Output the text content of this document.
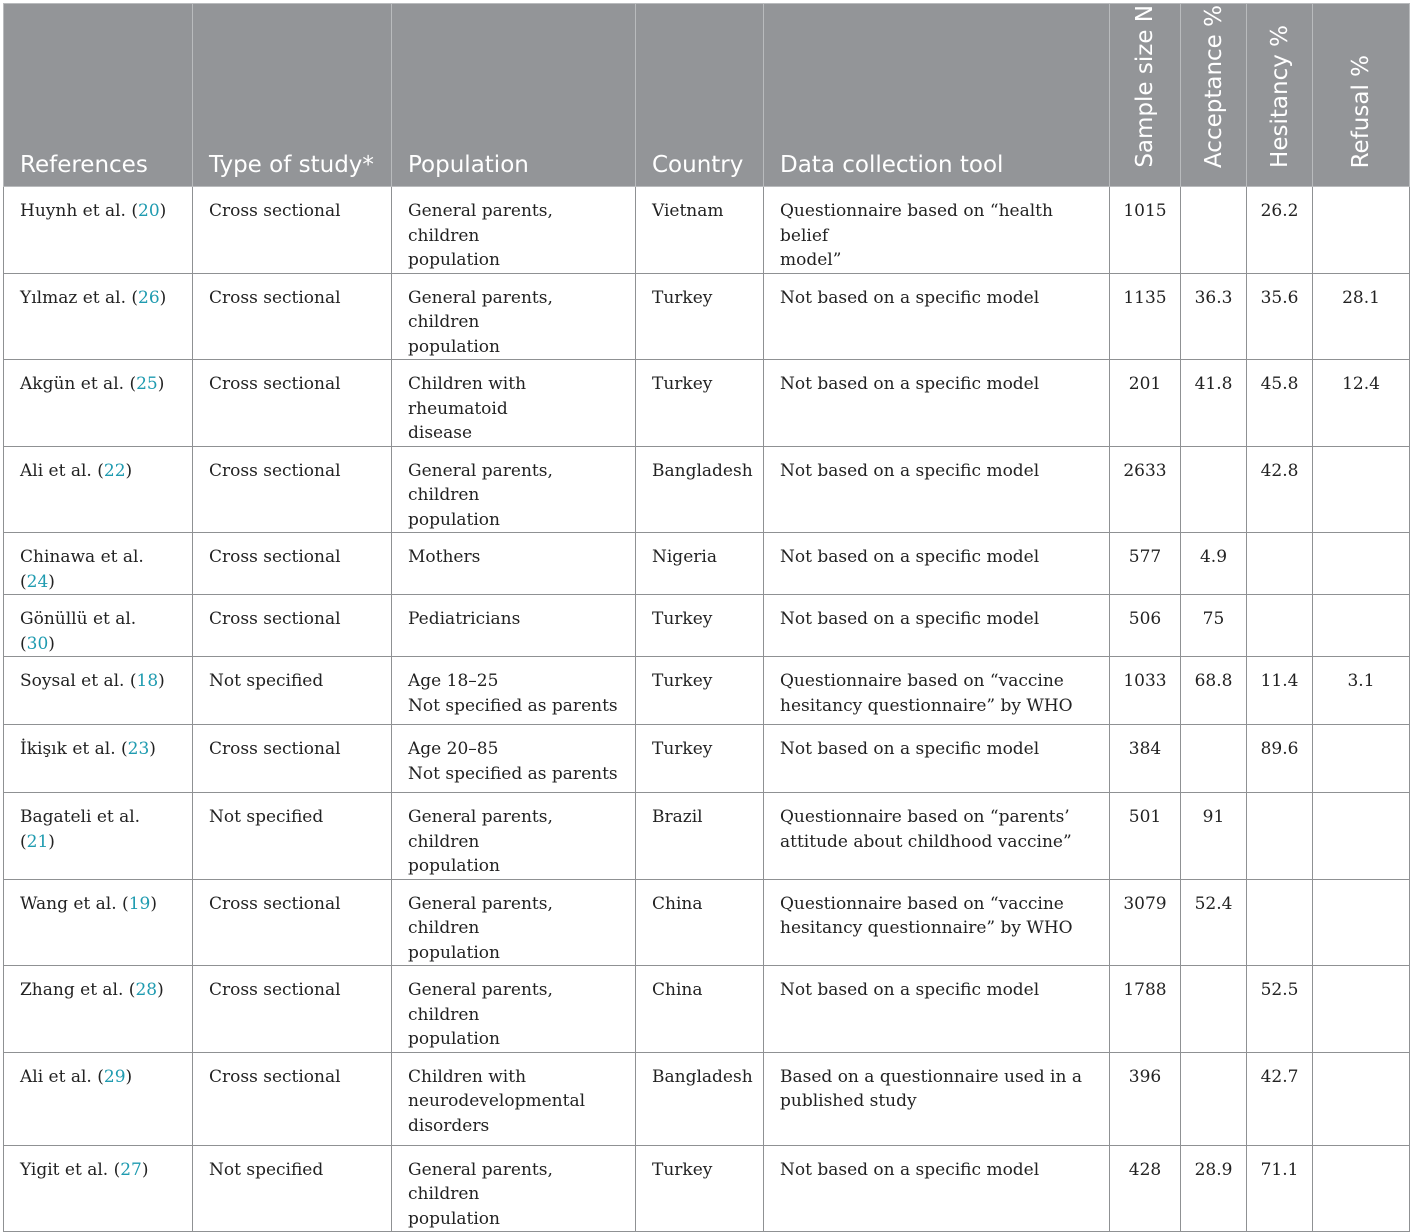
References	Type of study*	Population	Country	Data collection tool	Sample size N	Acceptance %	Hesitancy %	Refusal %
Huynh et al. (20)	Cross sectional	General parents, children
population	Vietnam	Questionnaire based on “health belief
model”	1015		26.2	
Yılmaz et al. (26)	Cross sectional	General parents, children
population	Turkey	Not based on a specific model	1135	36.3	35.6	28.1
Akgün et al. (25)	Cross sectional	Children with rheumatoid
disease	Turkey	Not based on a specific model	201	41.8	45.8	12.4
Ali et al. (22)	Cross sectional	General parents, children
population	Bangladesh	Not based on a specific model	2633		42.8	
Chinawa et al. (24)	Cross sectional	Mothers	Nigeria	Not based on a specific model	577	4.9		
Gönüllü et al. (30)	Cross sectional	Pediatricians	Turkey	Not based on a specific model	506	75		
Soysal et al. (18)	Not specified	Age 18–25
Not specified as parents	Turkey	Questionnaire based on “vaccine
hesitancy questionnaire” by WHO	1033	68.8	11.4	3.1
İkişık et al. (23)	Cross sectional	Age 20–85
Not specified as parents	Turkey	Not based on a specific model	384		89.6	
Bagateli et al. (21)	Not specified	General parents, children
population	Brazil	Questionnaire based on “parents’
attitude about childhood vaccine”	501	91		
Wang et al. (19)	Cross sectional	General parents, children
population	China	Questionnaire based on “vaccine
hesitancy questionnaire” by WHO	3079	52.4		
Zhang et al. (28)	Cross sectional	General parents, children
population	China	Not based on a specific model	1788		52.5	
Ali et al. (29)	Cross sectional	Children with
neurodevelopmental
disorders	Bangladesh	Based on a questionnaire used in a
published study	396		42.7	
Yigit et al. (27)	Not specified	General parents, children
population	Turkey	Not based on a specific model	428	28.9	71.1	
